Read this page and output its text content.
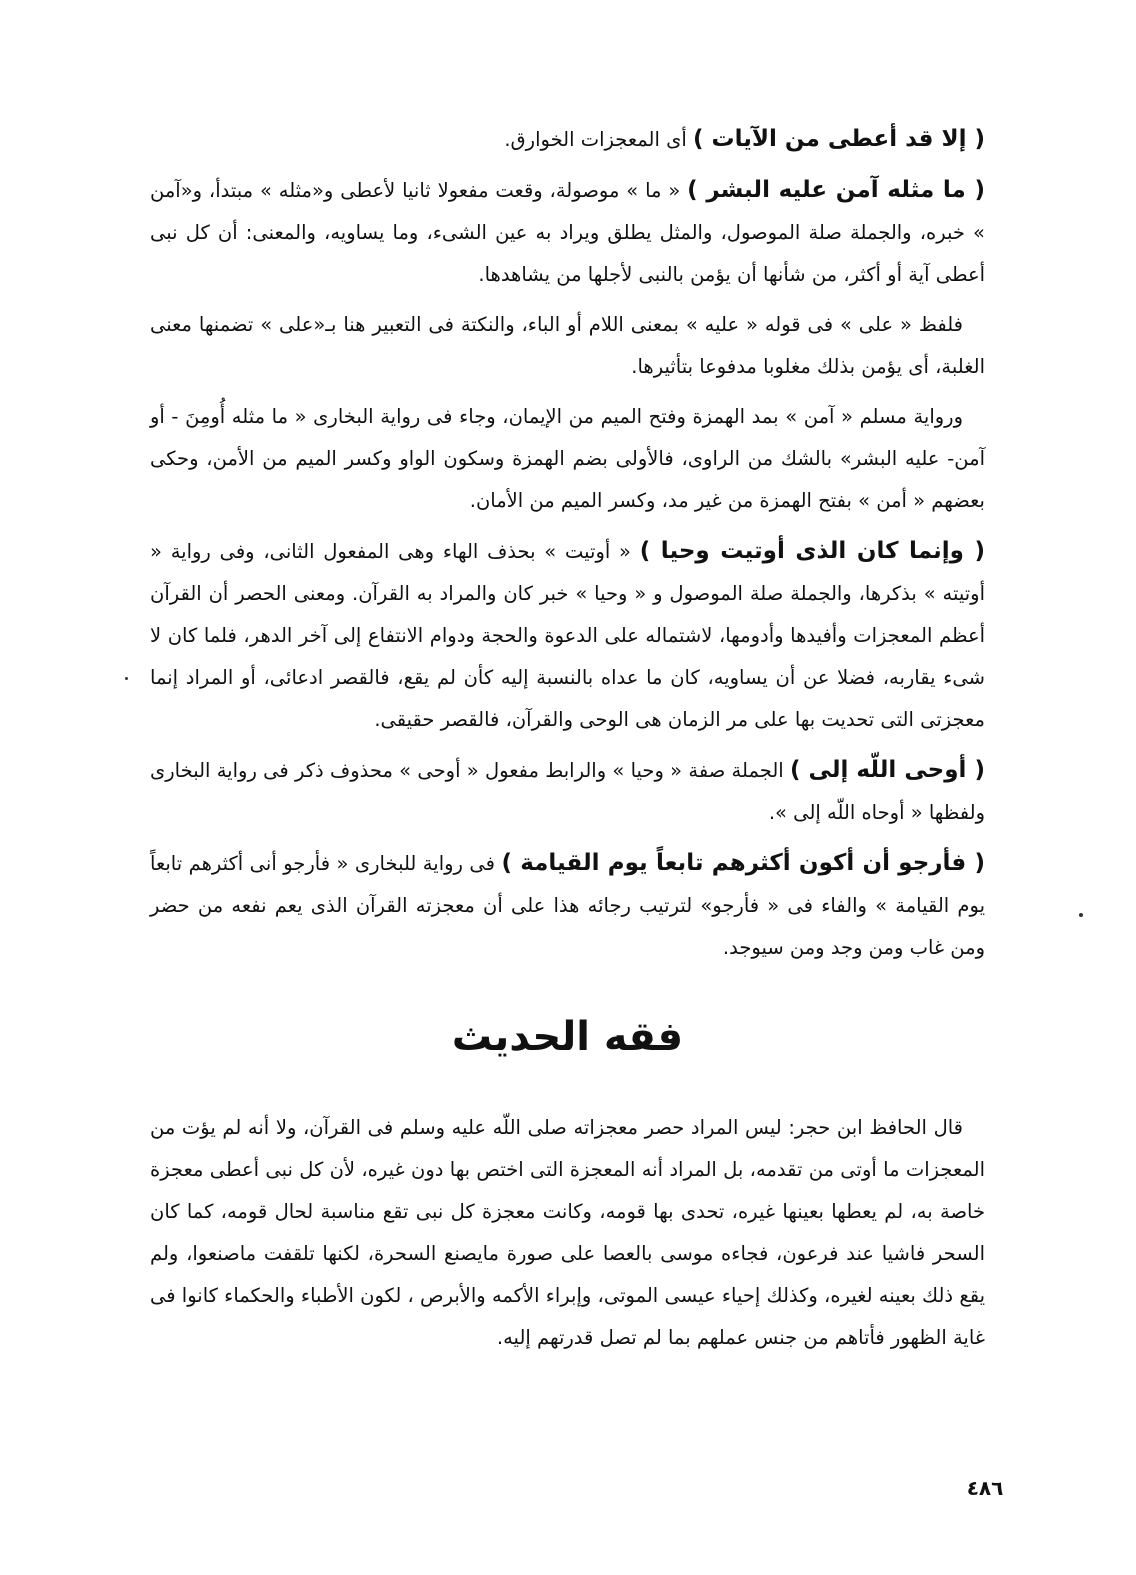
( إلا قد أعطى من الآيات ) أى المعجزات الخوارق.

( ما مثله آمن عليه البشر ) « ما » موصولة، وقعت مفعولا ثانيا لأعطى و«مثله » مبتدأ، و«آمن » خبره، والجملة صلة الموصول، والمثل يطلق ويراد به عين الشىء، وما يساويه، والمعنى: أن كل نبى أعطى آية أو أكثر، من شأنها أن يؤمن بالنبى لأجلها من يشاهدها.

فلفظ « على » فى قوله « عليه » بمعنى اللام أو الباء، والنكتة فى التعبير هنا بـ«على » تضمنها معنى الغلبة، أى يؤمن بذلك مغلوبا مدفوعا بتأثيرها.

ورواية مسلم « آمن » بمد الهمزة وفتح الميم من الإيمان، وجاء فى رواية البخارى « ما مثله أُومِنَ - أو آمن- عليه البشر» بالشك من الراوى، فالأولى بضم الهمزة وسكون الواو وكسر الميم من الأمن، وحكى بعضهم « أمن » بفتح الهمزة من غير مد، وكسر الميم من الأمان.

( وإنما كان الذى أوتيت وحيا ) « أوتيت » بحذف الهاء وهى المفعول الثانى، وفى رواية « أوتيته » بذكرها، والجملة صلة الموصول و « وحيا » خبر كان والمراد به القرآن. ومعنى الحصر أن القرآن أعظم المعجزات وأفيدها وأدومها، لاشتماله على الدعوة والحجة ودوام الانتفاع إلى آخر الدهر، فلما كان لا شىء يقاربه، فضلا عن أن يساويه، كان ما عداه بالنسبة إليه كأن لم يقع، فالقصر ادعائى، أو المراد إنما معجزتى التى تحديت بها على مر الزمان هى الوحى والقرآن، فالقصر حقيقى.

( أوحى اللّه إلى ) الجملة صفة « وحيا » والرابط مفعول « أوحى » محذوف ذكر فى رواية البخارى ولفظها « أوحاه اللّه إلى ».

( فأرجو أن أكون أكثرهم تابعاً يوم القيامة ) فى رواية للبخارى « فأرجو أنى أكثرهم تابعاً يوم القيامة » والفاء فى « فأرجو» لترتيب رجائه هذا على أن معجزته القرآن الذى يعم نفعه من حضر ومن غاب ومن وجد ومن سيوجد.

فقه الحديث

قال الحافظ ابن حجر: ليس المراد حصر معجزاته صلى اللّه عليه وسلم فى القرآن، ولا أنه لم يؤت من المعجزات ما أوتى من تقدمه، بل المراد أنه المعجزة التى اختص بها دون غيره، لأن كل نبى أعطى معجزة خاصة به، لم يعطها بعينها غيره، تحدى بها قومه، وكانت معجزة كل نبى تقع مناسبة لحال قومه، كما كان السحر فاشيا عند فرعون، فجاءه موسى بالعصا على صورة مايصنع السحرة، لكنها تلقفت ماصنعوا، ولم يقع ذلك بعينه لغيره، وكذلك إحياء عيسى الموتى، وإبراء الأكمه والأبرص ، لكون الأطباء والحكماء كانوا فى غاية الظهور فأتاهم من جنس عملهم بما لم تصل قدرتهم إليه.

٤٨٦
